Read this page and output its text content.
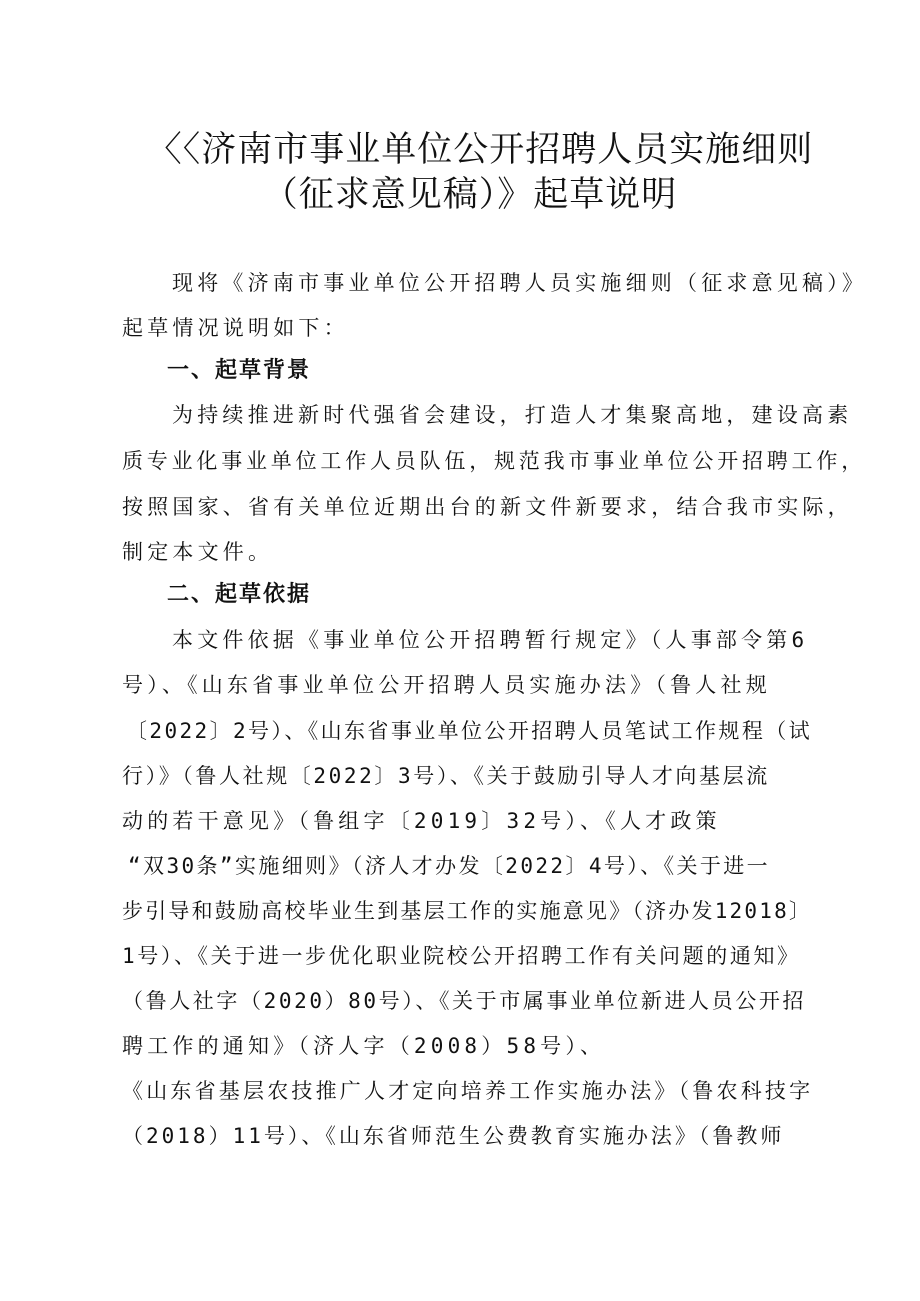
〈〈济南市事业单位公开招聘人员实施细则
（征求意见稿）》起草说明
现将《济南市事业单位公开招聘人员实施细则（征求意见稿）》
起草情况说明如下：
一、起草背景
为持续推进新时代强省会建设，打造人才集聚高地，建设高素
质专业化事业单位工作人员队伍，规范我市事业单位公开招聘工作，
按照国家、省有关单位近期出台的新文件新要求，结合我市实际，
制定本文件。
二、起草依据
本文件依据《事业单位公开招聘暂行规定》（人事部令第6
号）、《山东省事业单位公开招聘人员实施办法》（鲁人社规
〔2022〕2号）、《山东省事业单位公开招聘人员笔试工作规程（试
行）》（鲁人社规〔2022〕3号）、《关于鼓励引导人才向基层流
动的若干意见》（鲁组字〔2019〕32号）、《人才政策
“双30条”实施细则》（济人才办发〔2022〕4号）、《关于进一
步引导和鼓励高校毕业生到基层工作的实施意见》（济办发12018〕
1号）、《关于进一步优化职业院校公开招聘工作有关问题的通知》
（鲁人社字（2020）80号）、《关于市属事业单位新进人员公开招
聘工作的通知》（济人字（2008）58号）、
《山东省基层农技推广人才定向培养工作实施办法》（鲁农科技字
（2018）11号）、《山东省师范生公费教育实施办法》（鲁教师
